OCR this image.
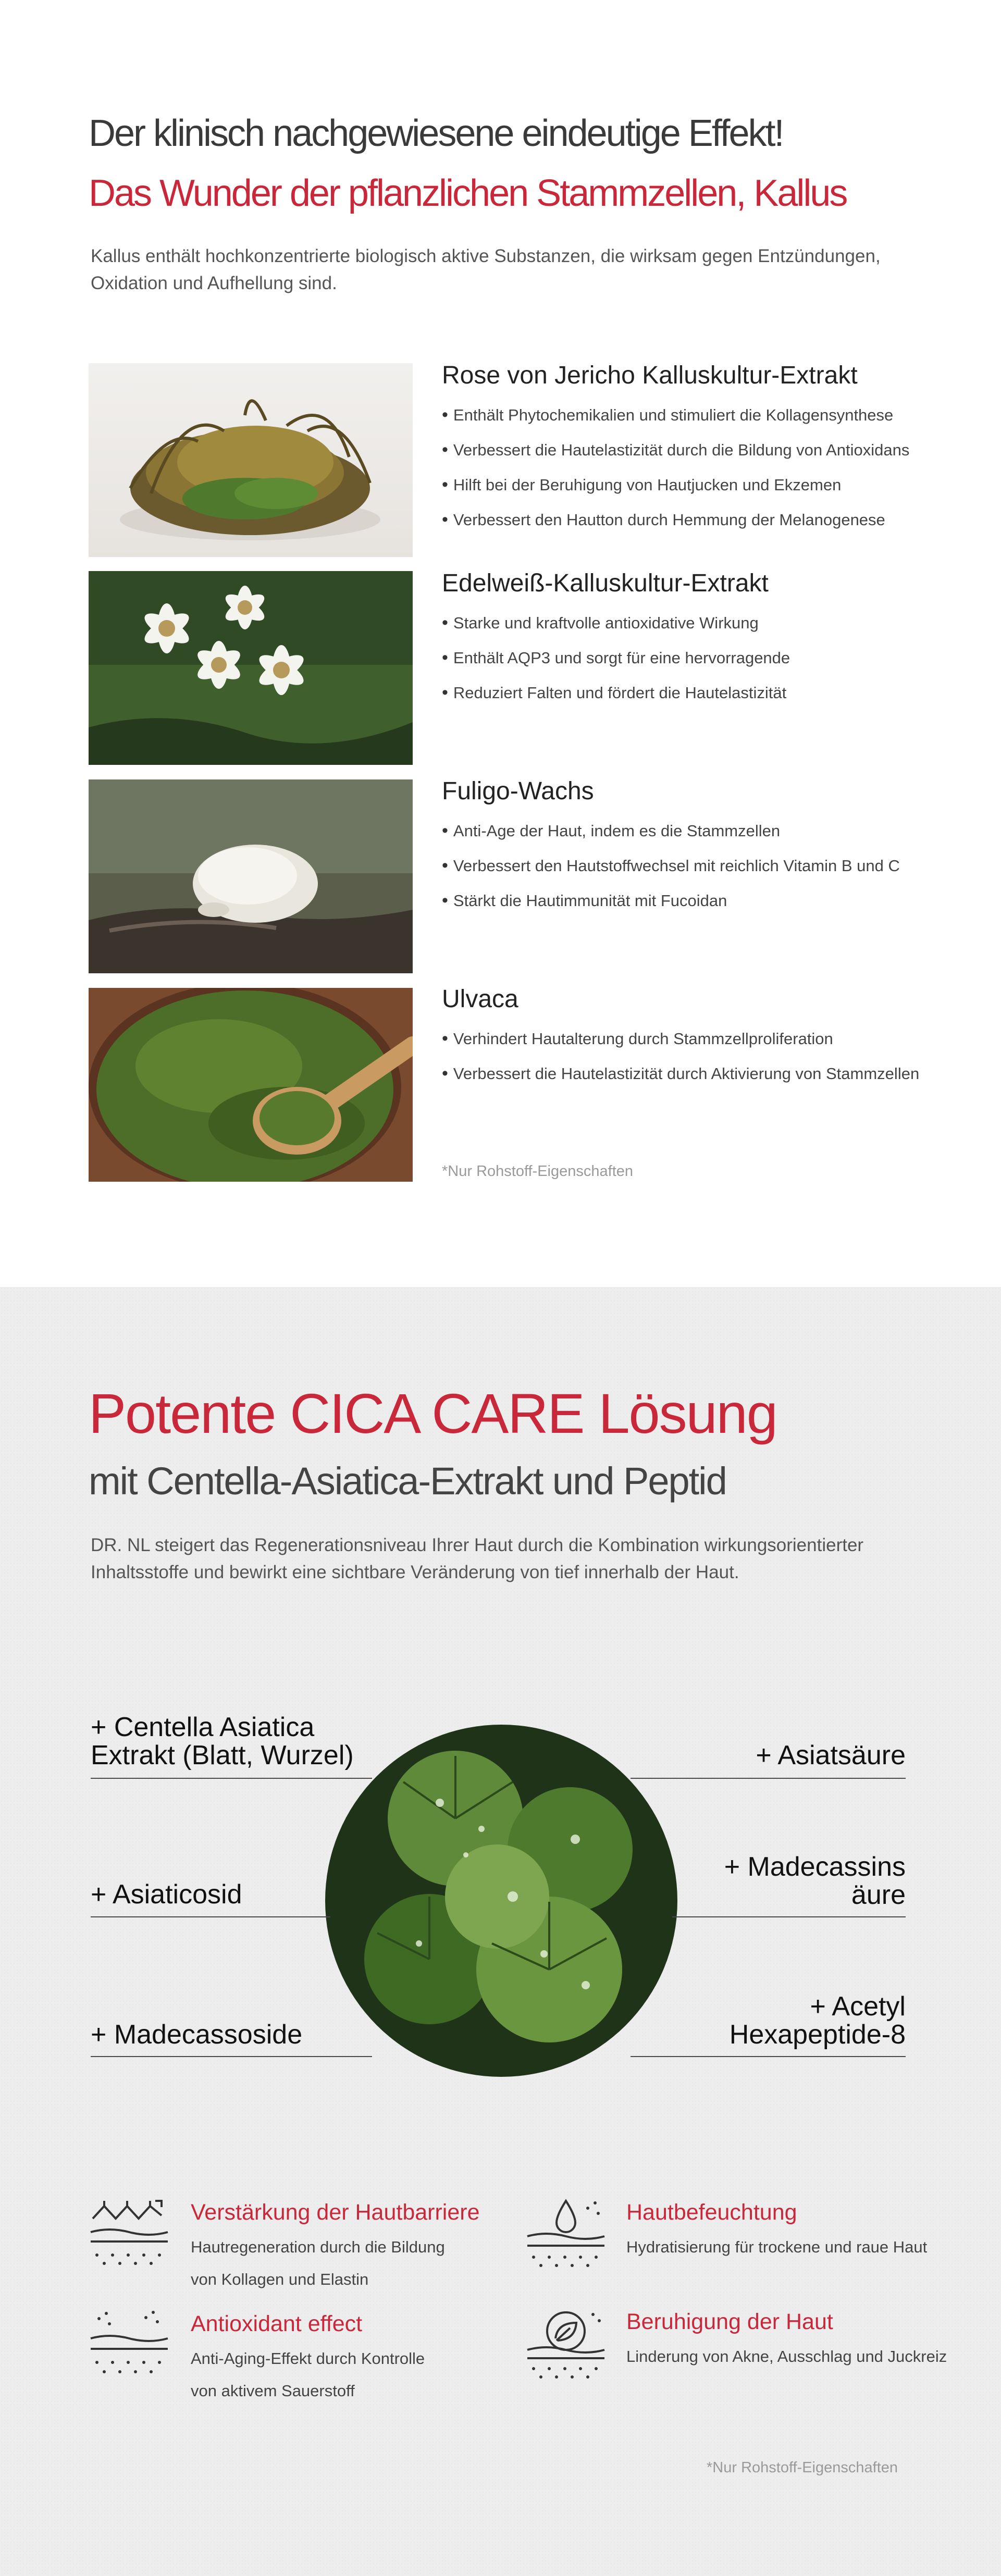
Der klinisch nachgewiesene eindeutige Effekt!
Das Wunder der pflanzlichen Stammzellen, Kallus
Kallus enthält hochkonzentrierte biologisch aktive Substanzen, die wirksam gegen Entzündungen, Oxidation und Aufhellung sind.
Rose von Jericho Kalluskultur-Extrakt
• Enthält Phytochemikalien und stimuliert die Kollagensynthese
• Verbessert die Hautelastizität durch die Bildung von Antioxidans
• Hilft bei der Beruhigung von Hautjucken und Ekzemen
• Verbessert den Hautton durch Hemmung der Melanogenese
Edelweiß-Kalluskultur-Extrakt
• Starke und kraftvolle antioxidative Wirkung
• Enthält AQP3 und sorgt für eine hervorragende
• Reduziert Falten und fördert die Hautelastizität
Fuligo-Wachs
• Anti-Age der Haut, indem es die Stammzellen
• Verbessert den Hautstoffwechsel mit reichlich Vitamin B und C
• Stärkt die Hautimmunität mit Fucoidan
Ulvaca
• Verhindert Hautalterung durch Stammzellproliferation
• Verbessert die Hautelastizität durch Aktivierung von Stammzellen
*Nur Rohstoff-Eigenschaften
Potente CICA CARE Lösung
mit Centella-Asiatica-Extrakt und Peptid
DR. NL steigert das Regenerationsniveau Ihrer Haut durch die Kombination wirkungsorientierter Inhaltsstoffe und bewirkt eine sichtbare Veränderung von tief innerhalb der Haut.
+ Centella Asiatica
Extrakt (Blatt, Wurzel)	+ Asiatsäure
+ Asiaticosid
+ Madecassins
äure
+ Madecassoside
+ Acetyl
Hexapeptide-8
Verstärkung der Hautbarriere
Hautregeneration durch die Bildung
von Kollagen und Elastin
Hautbefeuchtung
Hydratisierung für trockene und raue Haut
Antioxidant effect
Anti-Aging-Effekt durch Kontrolle
von aktivem Sauerstoff
Beruhigung der Haut
Linderung von Akne, Ausschlag und Juckreiz
*Nur Rohstoff-Eigenschaften
